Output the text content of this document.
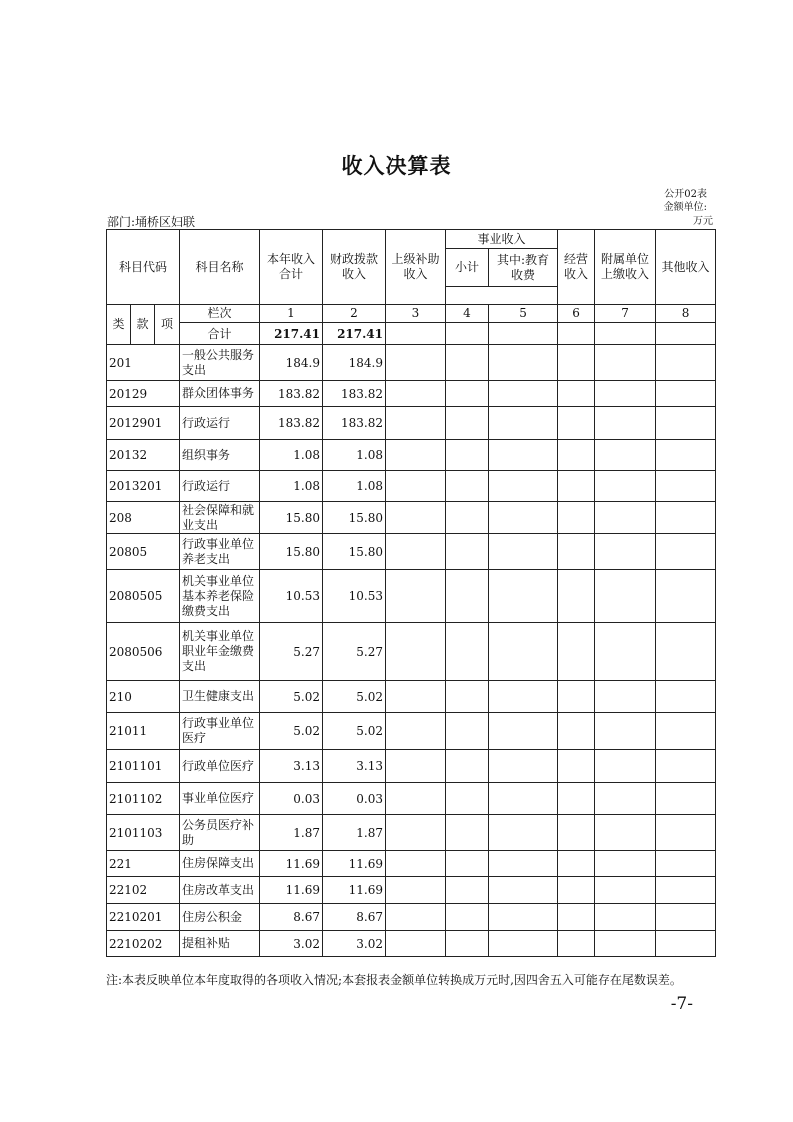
收入决算表
公开02表
金额单位:
万元
部门:埇桥区妇联
科目代码			科目名称	本年收入合计	财政拨款收入	上级补助收入	事业收入		经营收入	附属单位上缴收入	其他收入
							小计	其中:教育收费			

类	款	项	栏次	1	2	3	4	5	6	7	8
			合计	217.41	217.41						
201			一般公共服务支出	184.9	184.9						
20129			群众团体事务	183.82	183.82						
2012901			行政运行	183.82	183.82						
20132			组织事务	1.08	1.08						
2013201			行政运行	1.08	1.08						
208			社会保障和就业支出	15.80	15.80						
20805			行政事业单位养老支出	15.80	15.80						
2080505			机关事业单位基本养老保险缴费支出	10.53	10.53						
2080506			机关事业单位职业年金缴费支出	5.27	5.27						
210			卫生健康支出	5.02	5.02						
21011			行政事业单位医疗	5.02	5.02						
2101101			行政单位医疗	3.13	3.13						
2101102			事业单位医疗	0.03	0.03						
2101103			公务员医疗补助	1.87	1.87						
221			住房保障支出	11.69	11.69						
22102			住房改革支出	11.69	11.69						
2210201			住房公积金	8.67	8.67						
2210202			提租补贴	3.02	3.02						
注:本表反映单位本年度取得的各项收入情况;本套报表金额单位转换成万元时,因四舍五入可能存在尾数误差。
-7-
